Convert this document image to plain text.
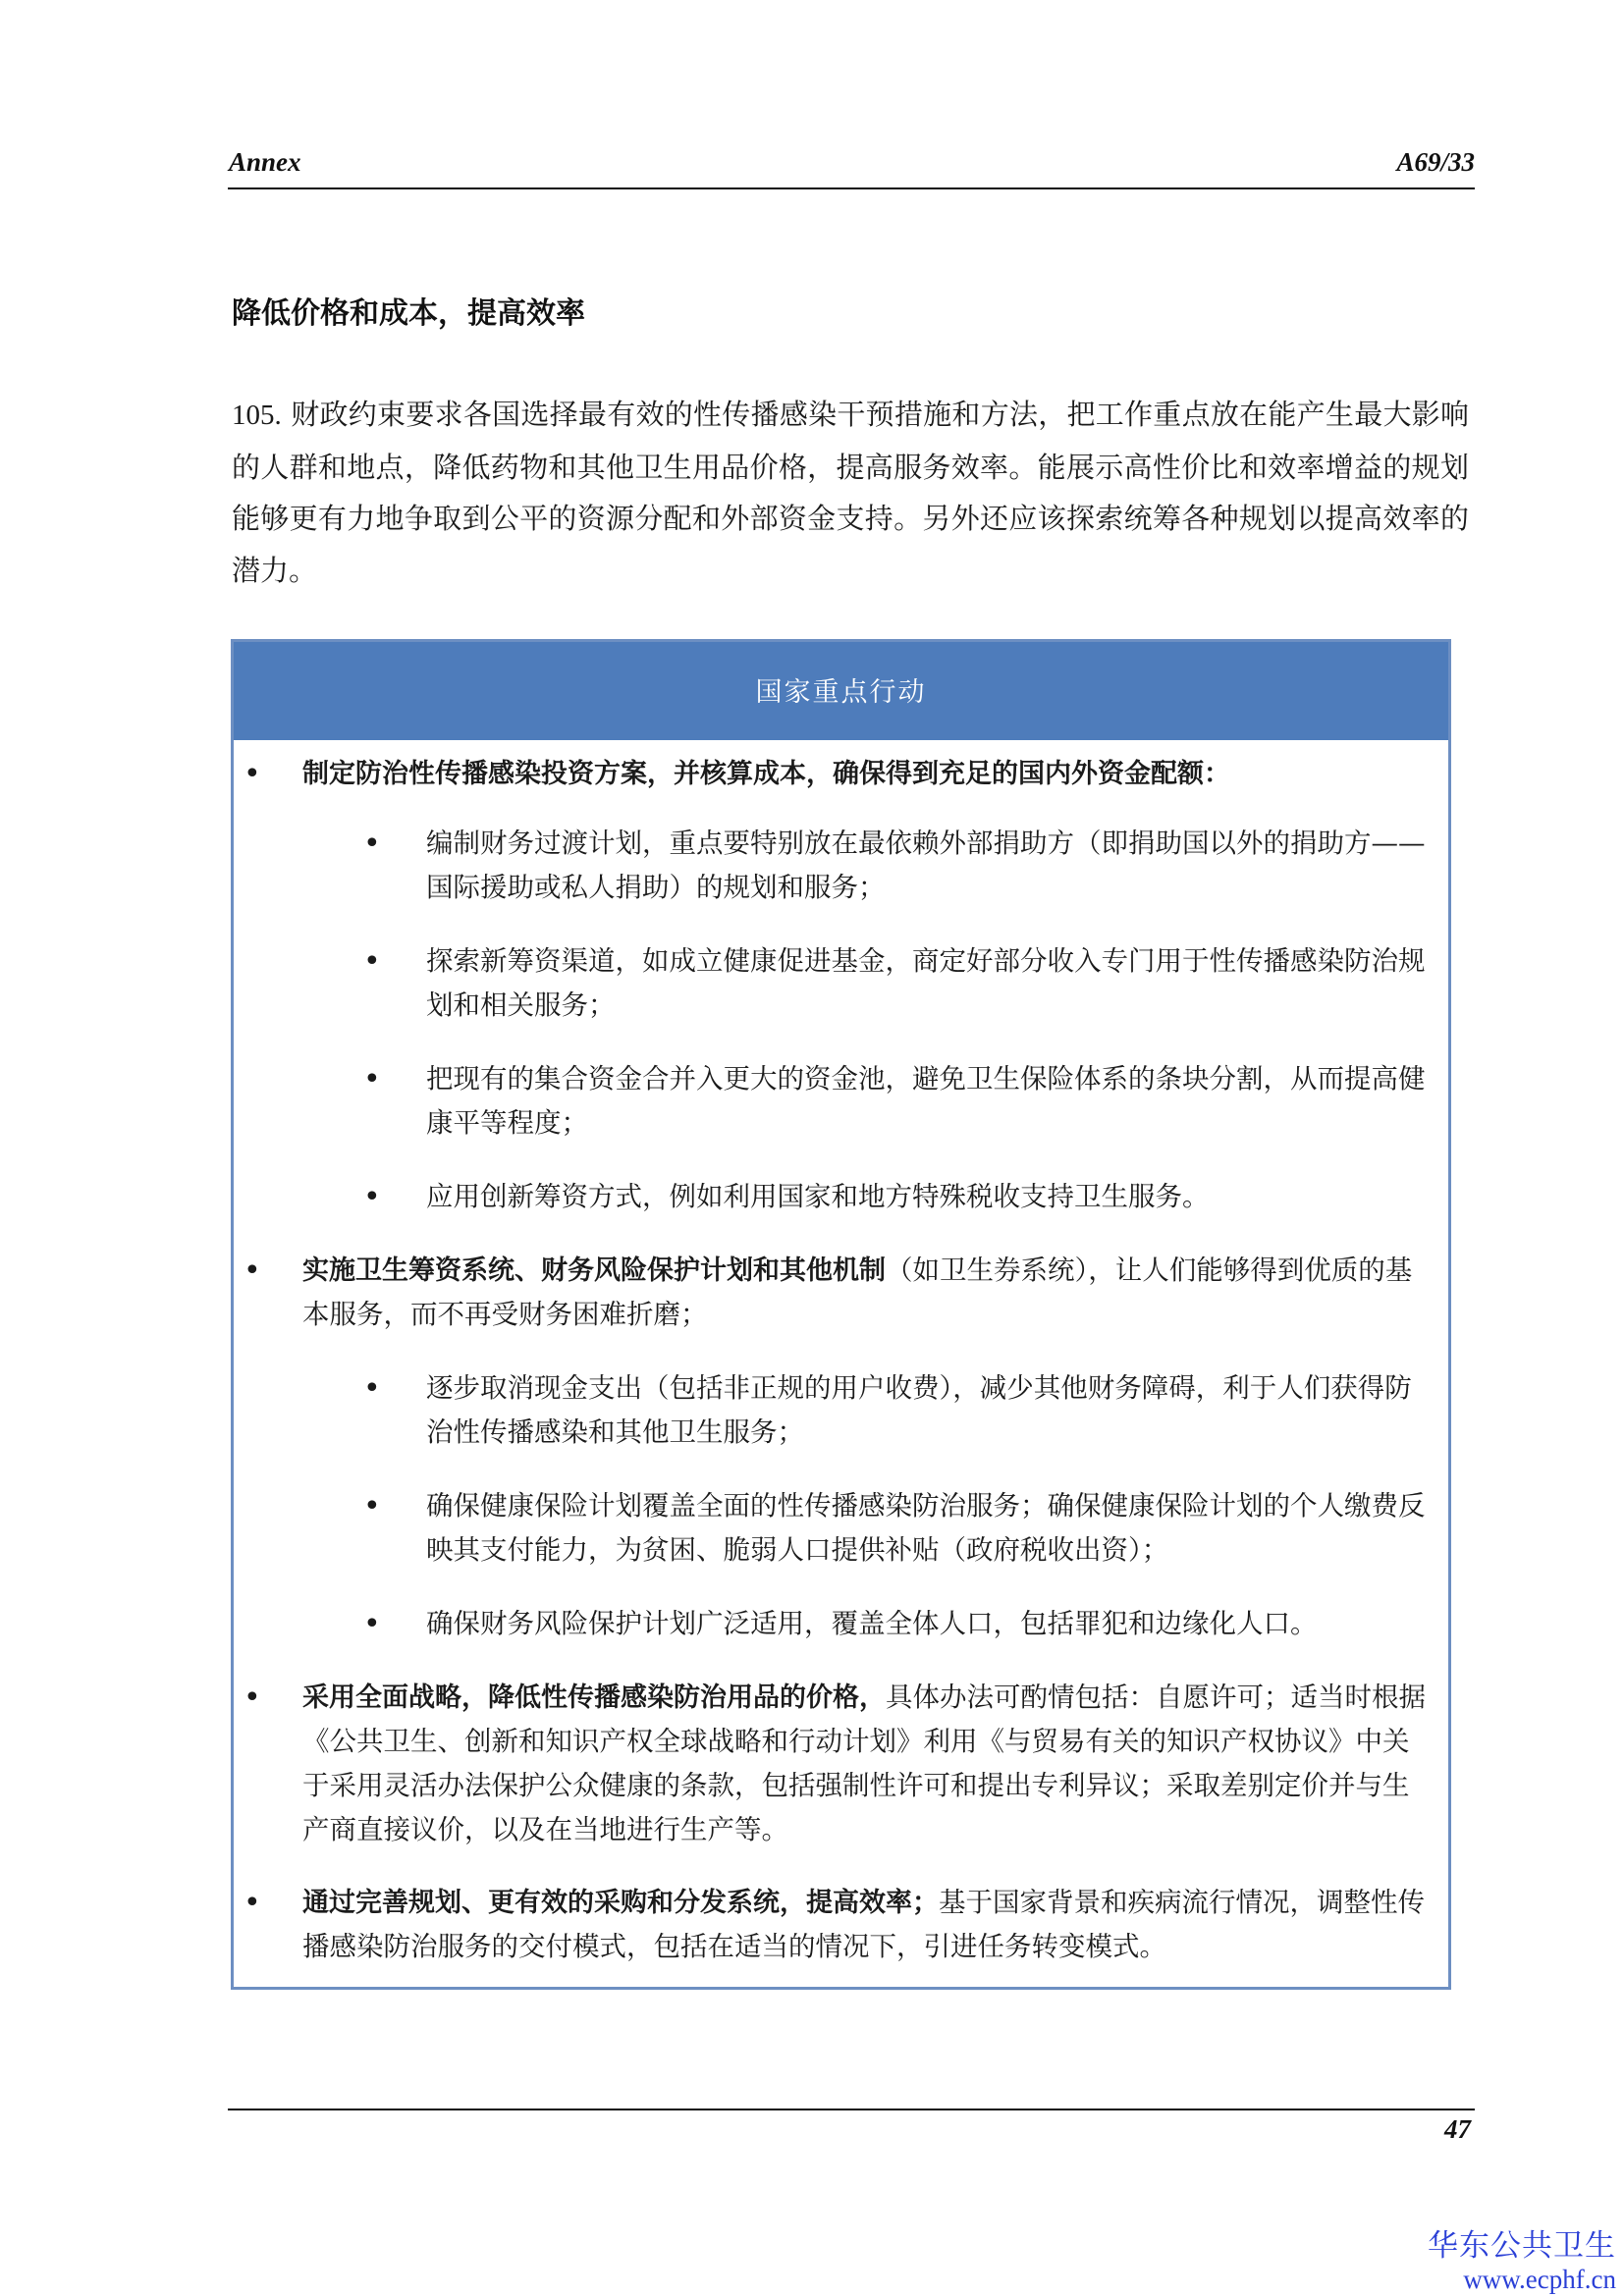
Annex	A69/33
降低价格和成本，提高效率
105. 财政约束要求各国选择最有效的性传播感染干预措施和方法，把工作重点放在能产生最大影响的人群和地点，降低药物和其他卫生用品价格，提高服务效率。能展示高性价比和效率增益的规划能够更有力地争取到公平的资源分配和外部资金支持。另外还应该探索统筹各种规划以提高效率的潜力。
国家重点行动
• 制定防治性传播感染投资方案，并核算成本，确保得到充足的国内外资金配额：
• 编制财务过渡计划，重点要特别放在最依赖外部捐助方（即捐助国以外的捐助方——国际援助或私人捐助）的规划和服务；
• 探索新筹资渠道，如成立健康促进基金，商定好部分收入专门用于性传播感染防治规划和相关服务；
• 把现有的集合资金合并入更大的资金池，避免卫生保险体系的条块分割，从而提高健康平等程度；
• 应用创新筹资方式，例如利用国家和地方特殊税收支持卫生服务。
• 实施卫生筹资系统、财务风险保护计划和其他机制（如卫生券系统），让人们能够得到优质的基本服务，而不再受财务困难折磨；
• 逐步取消现金支出（包括非正规的用户收费），减少其他财务障碍，利于人们获得防治性传播感染和其他卫生服务；
• 确保健康保险计划覆盖全面的性传播感染防治服务；确保健康保险计划的个人缴费反映其支付能力，为贫困、脆弱人口提供补贴（政府税收出资）；
• 确保财务风险保护计划广泛适用，覆盖全体人口，包括罪犯和边缘化人口。
• 采用全面战略，降低性传播感染防治用品的价格，具体办法可酌情包括：自愿许可；适当时根据《公共卫生、创新和知识产权全球战略和行动计划》利用《与贸易有关的知识产权协议》中关于采用灵活办法保护公众健康的条款，包括强制性许可和提出专利异议；采取差别定价并与生产商直接议价，以及在当地进行生产等。
• 通过完善规划、更有效的采购和分发系统，提高效率；基于国家背景和疾病流行情况，调整性传播感染防治服务的交付模式，包括在适当的情况下，引进任务转变模式。
47
华东公共卫生
www.ecphf.cn
